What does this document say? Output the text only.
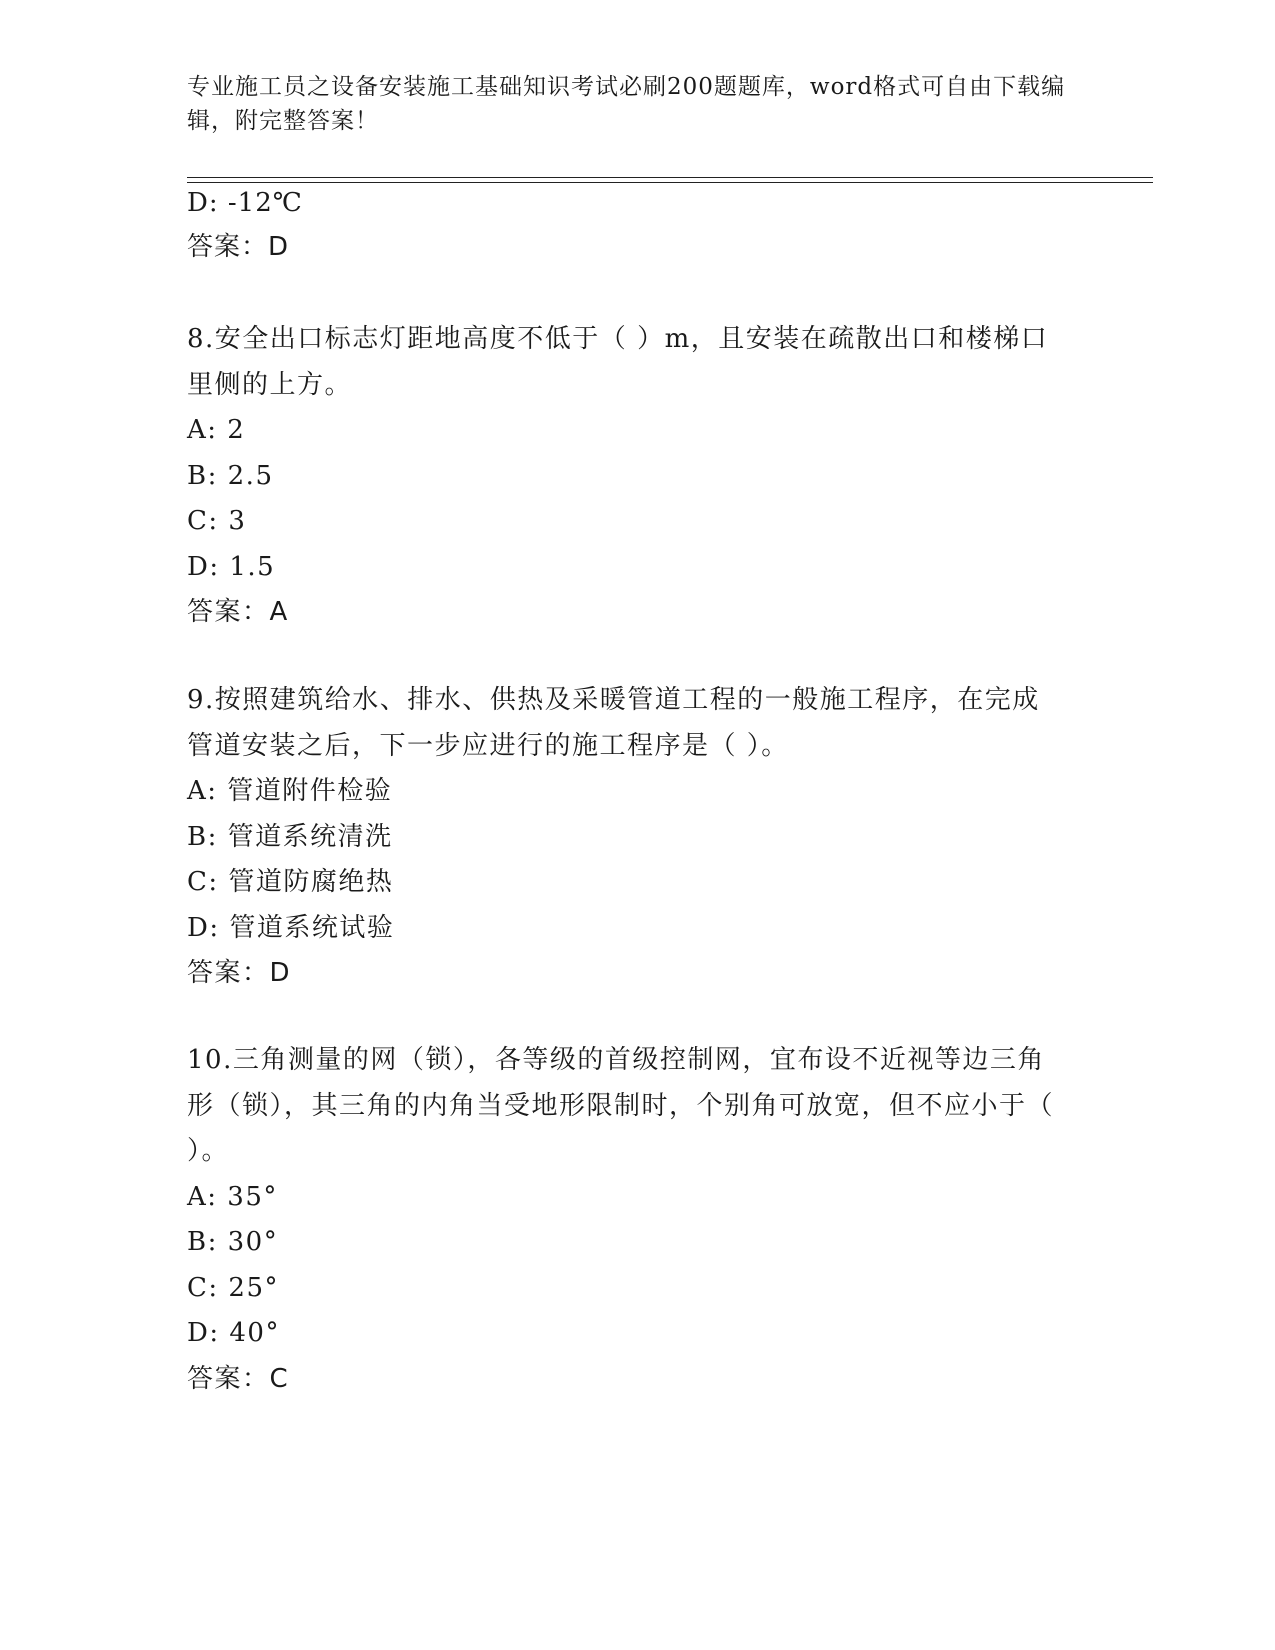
专业施工员之设备安装施工基础知识考试必刷200题题库，word格式可自由下载编辑，附完整答案！
D: -12℃
答案：D
8.安全出口标志灯距地高度不低于（ ）m，且安装在疏散出口和楼梯口里侧的上方。
A: 2
B: 2.5
C: 3
D: 1.5
答案：A
9.按照建筑给水、排水、供热及采暖管道工程的一般施工程序，在完成管道安装之后，下一步应进行的施工程序是（ ）。
A: 管道附件检验
B: 管道系统清洗
C: 管道防腐绝热
D: 管道系统试验
答案：D
10.三角测量的网（锁），各等级的首级控制网，宜布设不近视等边三角形（锁），其三角的内角当受地形限制时，个别角可放宽，但不应小于（ ）。
A: 35°
B: 30°
C: 25°
D: 40°
答案：C
